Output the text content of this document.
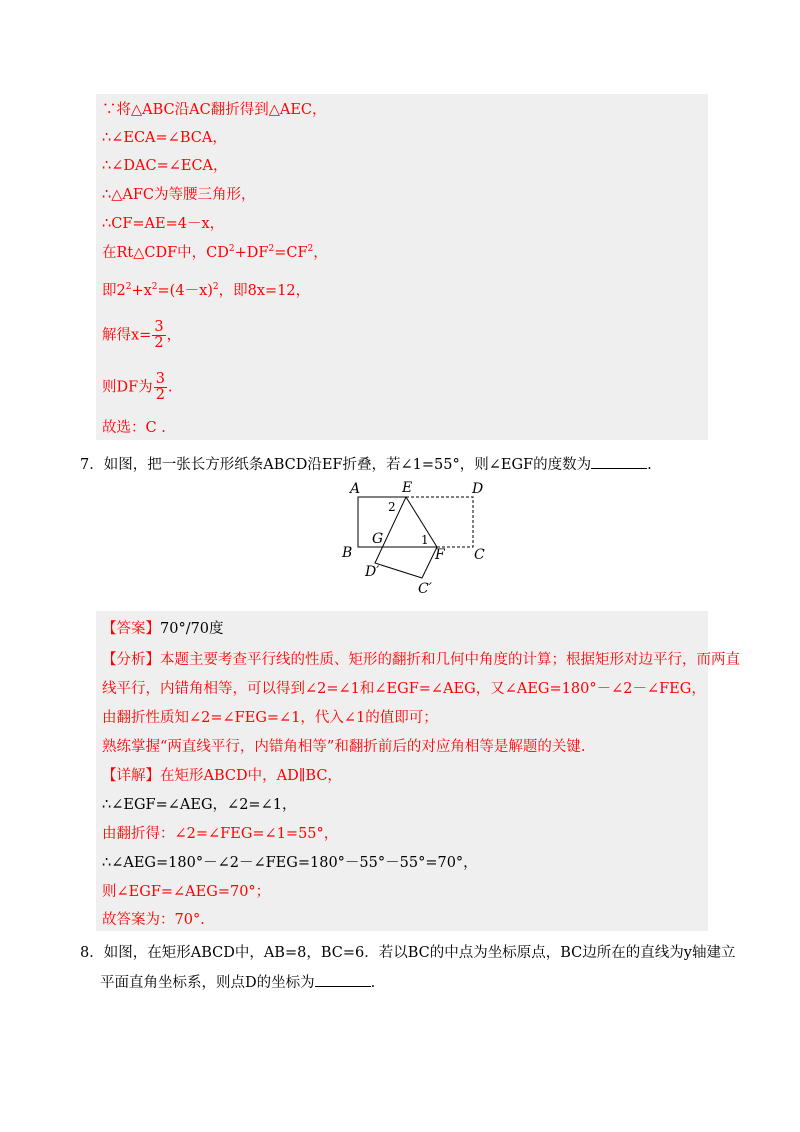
∵将△ABC沿AC翻折得到△AEC，
∴∠ECA=∠BCA，
∴∠DAC=∠ECA，
∴△AFC为等腰三角形，
∴CF=AE=4－x，
在Rt△CDF中，$CD^2+DF^2=CF^2$，
即$2^2+x^2=(4-x)^2$，即8x=12，
解得$x= \frac{3}{2}$ ，
则DF为 $\frac{3}{2}$ .
故选：C .
7．如图，把一张长方形纸条ABCD沿EF折叠，若∠1=55°，则∠EGF的度数为	.
A	E	D
B
G
F C
D′
C′
1
2
【答案】70°/70度
【分析】本题主要考查平行线的性质、矩形的翻折和几何中角度的计算；根据矩形对边平行，而两直
线平行，内错角相等，可以得到∠2=∠1和∠EGF=∠AEG，又∠AEG=180°－∠2－∠FEG，
由翻折性质知∠2=∠FEG=∠1，代入∠1的值即可；
熟练掌握“两直线平行，内错角相等”和翻折前后的对应角相等是解题的关键.
【详解】在矩形ABCD中，AD∥BC，
∴∠EGF=∠AEG，∠2=∠1，
由翻折得：∠2=∠FEG=∠1=55°，
∴∠AEG=180°－∠2－∠FEG=180°－55°－55°=70°，
则∠EGF=∠AEG=70°；
故答案为：70°.
8．如图，在矩形ABCD中，AB=8，BC=6．若以BC的中点为坐标原点，BC边所在的直线为y轴建立
平面直角坐标系，则点D的坐标为	.
